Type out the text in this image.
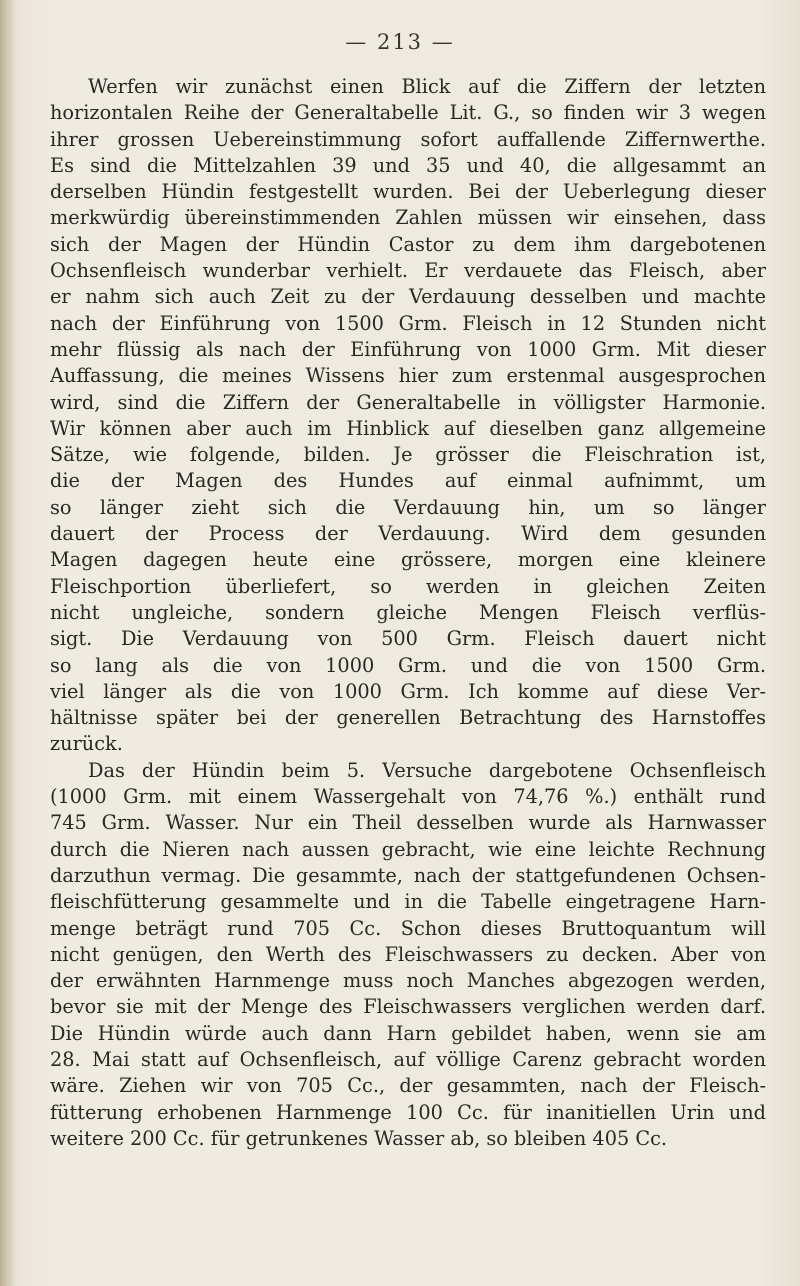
— 213 —
Werfen wir zunächst einen Blick auf die Ziffern der letzten
horizontalen Reihe der Generaltabelle Lit. G., so finden wir 3 wegen
ihrer grossen Uebereinstimmung sofort auffallende Ziffernwerthe.
Es sind die Mittelzahlen 39 und 35 und 40, die allgesammt an
derselben Hündin festgestellt wurden. Bei der Ueberlegung dieser
merkwürdig übereinstimmenden Zahlen müssen wir einsehen, dass
sich der Magen der Hündin Castor zu dem ihm dargebotenen
Ochsenfleisch wunderbar verhielt. Er verdauete das Fleisch, aber
er nahm sich auch Zeit zu der Verdauung desselben und machte
nach der Einführung von 1500 Grm. Fleisch in 12 Stunden nicht
mehr flüssig als nach der Einführung von 1000 Grm. Mit dieser
Auffassung, die meines Wissens hier zum erstenmal ausgesprochen
wird, sind die Ziffern der Generaltabelle in völligster Harmonie.
Wir können aber auch im Hinblick auf dieselben ganz allgemeine
Sätze, wie folgende, bilden. Je grösser die Fleischration ist,
die der Magen des Hundes auf einmal aufnimmt, um
so länger zieht sich die Verdauung hin, um so länger
dauert der Process der Verdauung. Wird dem gesunden
Magen dagegen heute eine grössere, morgen eine kleinere
Fleischportion überliefert, so werden in gleichen Zeiten
nicht ungleiche, sondern gleiche Mengen Fleisch verflüs-
sigt. Die Verdauung von 500 Grm. Fleisch dauert nicht
so lang als die von 1000 Grm. und die von 1500 Grm.
viel länger als die von 1000 Grm. Ich komme auf diese Ver-
hältnisse später bei der generellen Betrachtung des Harnstoffes
zurück.
Das der Hündin beim 5. Versuche dargebotene Ochsenfleisch
(1000 Grm. mit einem Wassergehalt von 74,76 %.) enthält rund
745 Grm. Wasser. Nur ein Theil desselben wurde als Harnwasser
durch die Nieren nach aussen gebracht, wie eine leichte Rechnung
darzuthun vermag. Die gesammte, nach der stattgefundenen Ochsen-
fleischfütterung gesammelte und in die Tabelle eingetragene Harn-
menge beträgt rund 705 Cc. Schon dieses Bruttoquantum will
nicht genügen, den Werth des Fleischwassers zu decken. Aber von
der erwähnten Harnmenge muss noch Manches abgezogen werden,
bevor sie mit der Menge des Fleischwassers verglichen werden darf.
Die Hündin würde auch dann Harn gebildet haben, wenn sie am
28. Mai statt auf Ochsenfleisch, auf völlige Carenz gebracht worden
wäre. Ziehen wir von 705 Cc., der gesammten, nach der Fleisch-
fütterung erhobenen Harnmenge 100 Cc. für inanitiellen Urin und
weitere 200 Cc. für getrunkenes Wasser ab, so bleiben 405 Cc.
